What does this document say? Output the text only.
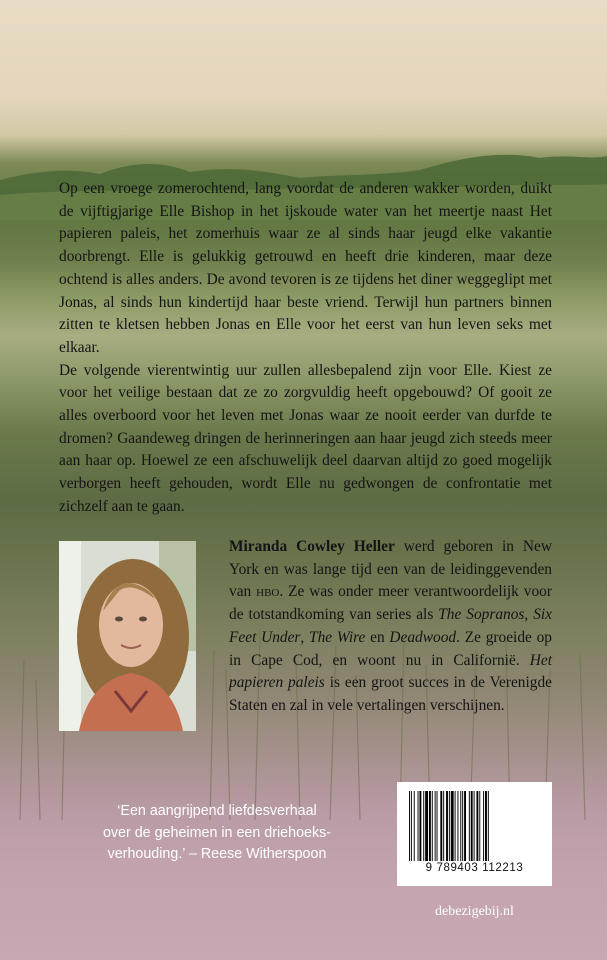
Op een vroege zomerochtend, lang voordat de anderen wakker worden, duikt de vijftigjarige Elle Bishop in het ijskoude water van het meertje naast Het papieren paleis, het zomerhuis waar ze al sinds haar jeugd elke vakantie doorbrengt. Elle is gelukkig getrouwd en heeft drie kinderen, maar deze ochtend is alles anders. De avond tevoren is ze tijdens het diner weggeglipt met Jonas, al sinds hun kindertijd haar beste vriend. Terwijl hun partners binnen zitten te kletsen hebben Jonas en Elle voor het eerst van hun leven seks met elkaar.

De volgende vierentwintig uur zullen allesbepalend zijn voor Elle. Kiest ze voor het veilige bestaan dat ze zo zorgvuldig heeft opgebouwd? Of gooit ze alles overboord voor het leven met Jonas waar ze nooit eerder van durfde te dromen? Gaandeweg dringen de herinneringen aan haar jeugd zich steeds meer aan haar op. Hoewel ze een afschuwelijk deel daarvan altijd zo goed mogelijk verborgen heeft gehouden, wordt Elle nu gedwongen de confrontatie met zichzelf aan te gaan.

Miranda Cowley Heller werd geboren in New York en was lange tijd een van de leidinggevenden van hbo. Ze was onder meer verantwoordelijk voor de totstandkoming van series als The Sopranos, Six Feet Under, The Wire en Deadwood. Ze groeide op in Cape Cod, en woont nu in Californië. Het papieren paleis is een groot succes in de Verenigde Staten en zal in vele vertalingen verschijnen.

‘Een aangrijpend liefdesverhaal
over de geheimen in een driehoeks-
verhouding.’ – Reese Witherspoon
9 789403 112213
debezigebij.nl
